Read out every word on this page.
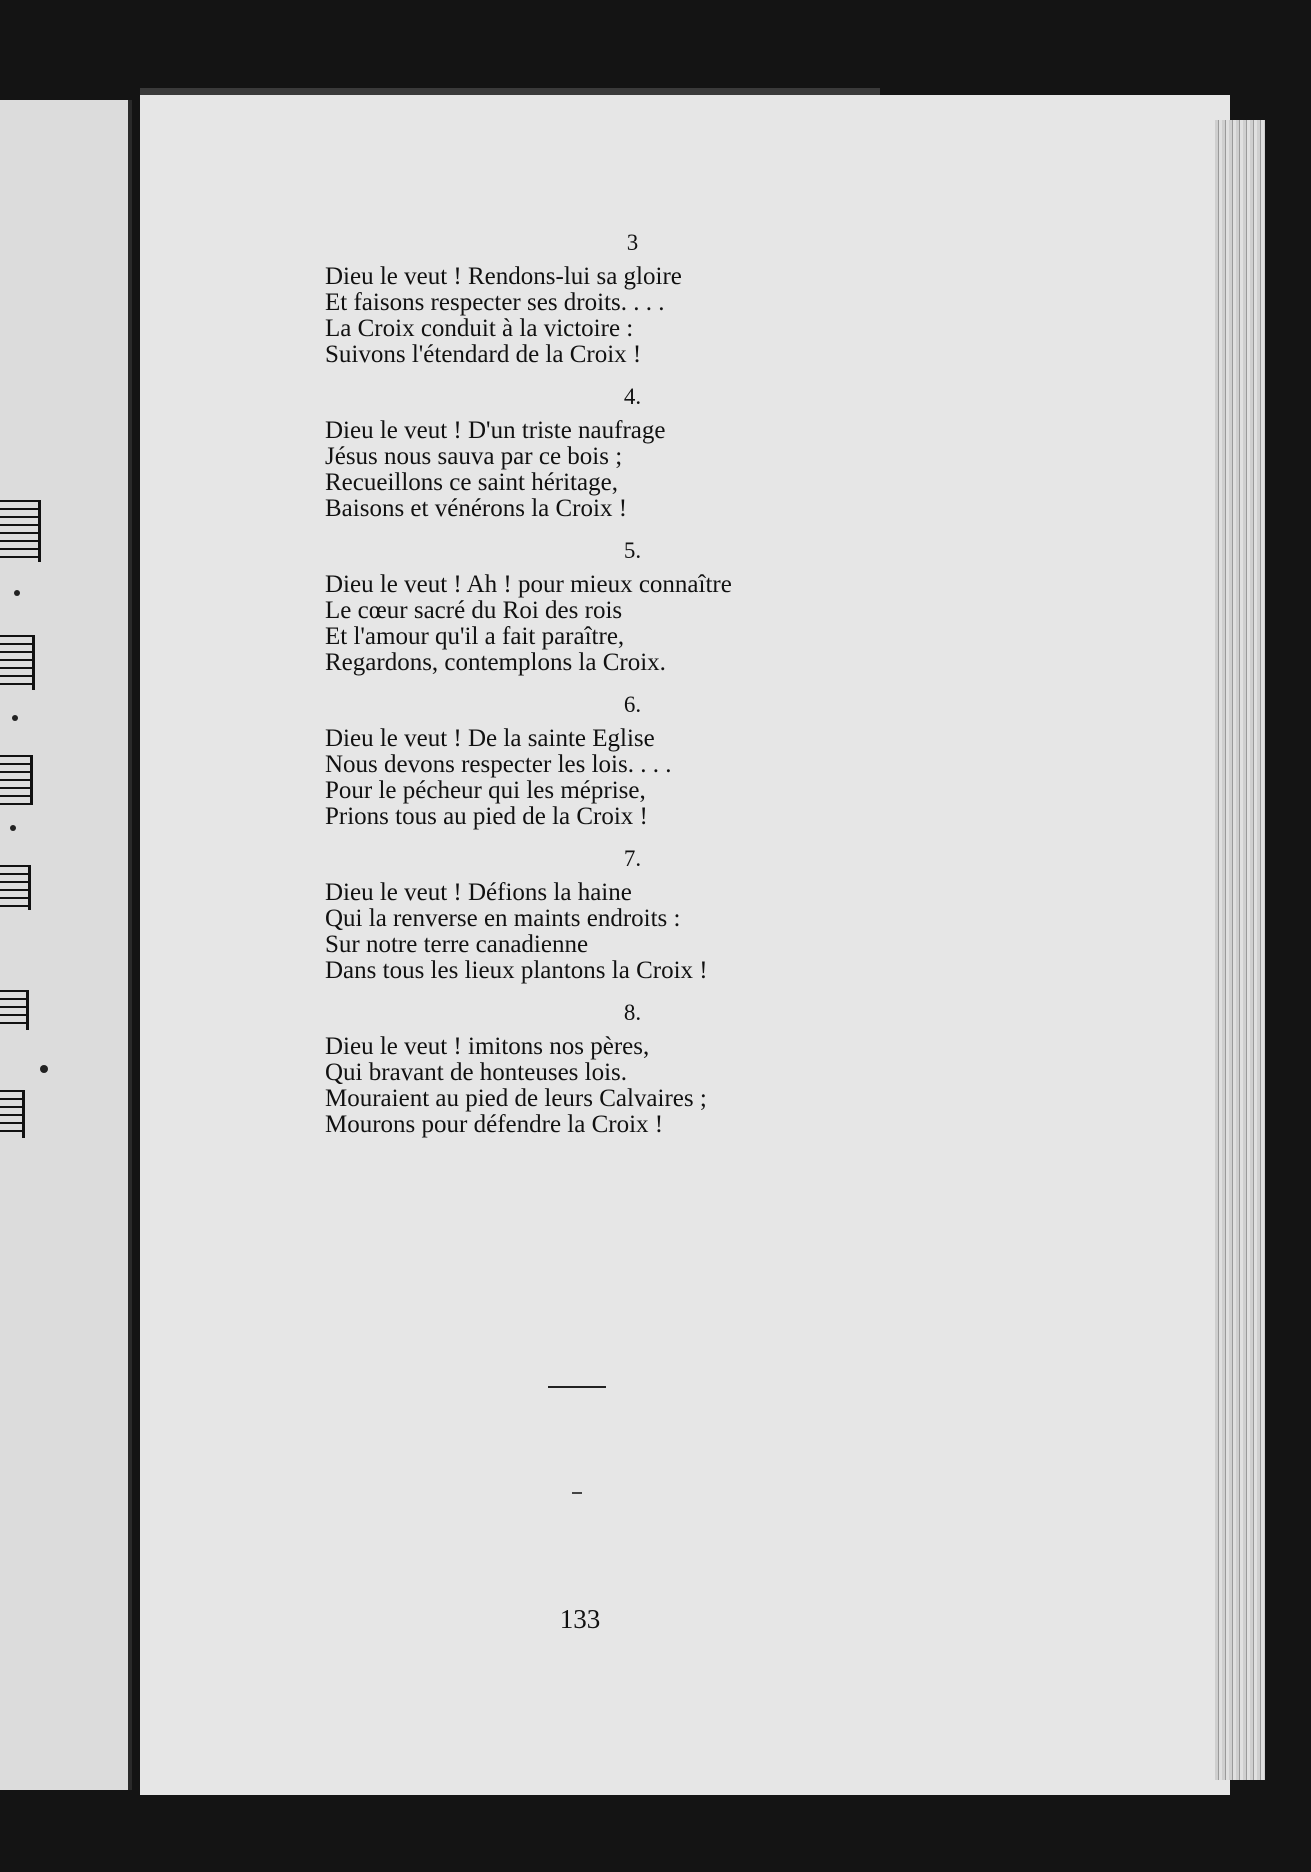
3
Dieu le veut ! Rendons-lui sa gloire
Et faisons respecter ses droits. . . .
La Croix conduit à la victoire :
Suivons l'étendard de la Croix !
4.
Dieu le veut ! D'un triste naufrage
Jésus nous sauva par ce bois ;
Recueillons ce saint héritage,
Baisons et vénérons la Croix !
5.
Dieu le veut ! Ah ! pour mieux connaître
Le cœur sacré du Roi des rois
Et l'amour qu'il a fait paraître,
Regardons, contemplons la Croix.
6.
Dieu le veut ! De la sainte Eglise
Nous devons respecter les lois. . . .
Pour le pécheur qui les méprise,
Prions tous au pied de la Croix !
7.
Dieu le veut ! Défions la haine
Qui la renverse en maints endroits :
Sur notre terre canadienne
Dans tous les lieux plantons la Croix !
8.
Dieu le veut ! imitons nos pères,
Qui bravant de honteuses lois.
Mouraient au pied de leurs Calvaires ;
Mourons pour défendre la Croix !
133
